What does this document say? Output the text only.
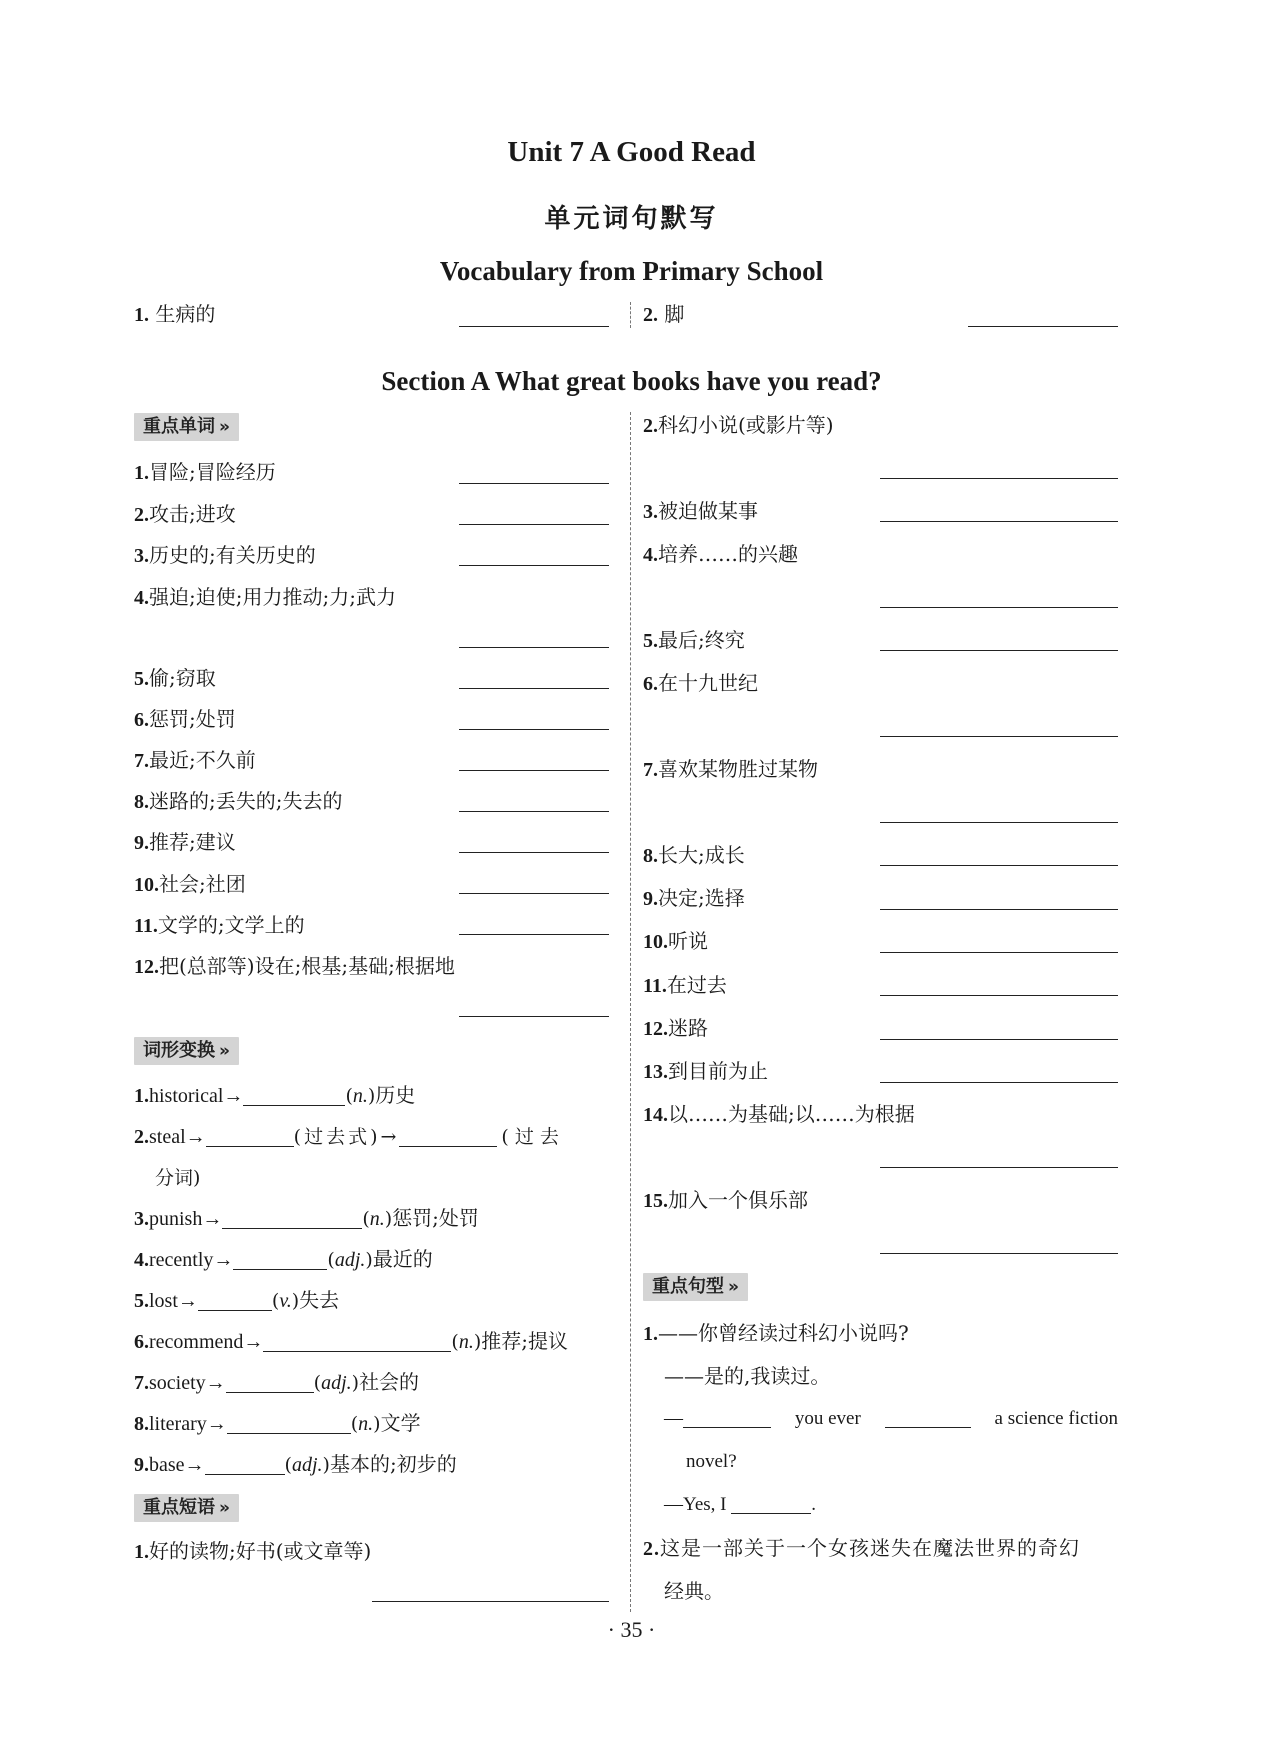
Unit 7 A Good Read
单元词句默写
Vocabulary from Primary School
1. 生病的	2. 脚
Section A What great books have you read?
重点单词 »
1.冒险;冒险经历
2.攻击;进攻
3.历史的;有关历史的
4.强迫;迫使;用力推动;力;武力
5.偷;窃取
6.惩罚;处罚
7.最近;不久前
8.迷路的;丢失的;失去的
9.推荐;建议
10.社会;社团
11.文学的;文学上的
12.把(总部等)设在;根基;基础;根据地
词形变换 »
1.historical→	(n.)历史
2.steal→	(过去式)→	(过去
分词)
3.punish→	(n.)惩罚;处罚
4.recently→	(adj.)最近的
5.lost→	(v.)失去
6.recommend→	(n.)推荐;提议
7.society→	(adj.)社会的
8.literary→	(n.)文学
9.base→	(adj.)基本的;初步的
重点短语 »
1.好的读物;好书(或文章等)
2.科幻小说(或影片等)
3.被迫做某事
4.培养……的兴趣
5.最后;终究
6.在十九世纪
7.喜欢某物胜过某物
8.长大;成长
9.决定;选择
10.听说
11.在过去
12.迷路
13.到目前为止
14.以……为基础;以……为根据
15.加入一个俱乐部
重点句型 »
1.——你曾经读过科幻小说吗?
——是的,我读过。
—	you ever	a science fiction
novel?
—Yes, I	.
2.这是一部关于一个女孩迷失在魔法世界的奇幻
经典。
· 35 ·
